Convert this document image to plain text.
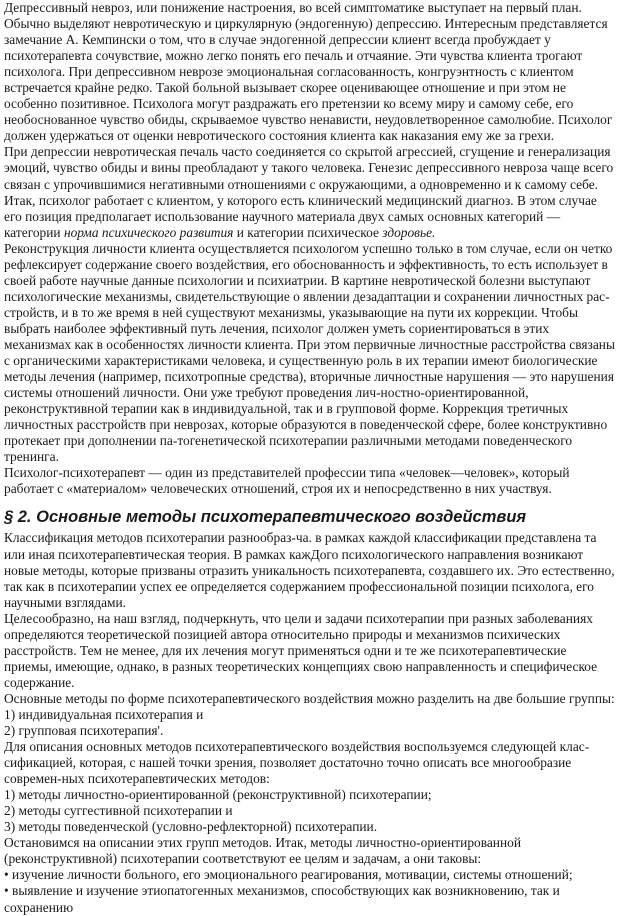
Депрессивный невроз, или понижение настроения, во всей симптоматике выступает на первый план. Обычно выделяют невротическую и циркулярную (эндогенную) депрессию. Интересным представляется замечание А. Кемпински о том, что в случае эндогенной депрессии клиент всегда пробуждает у психотерапевта сочувствие, можно легко понять его печаль и отчаяние. Эти чувства клиента трогают психолога. При депрессивном неврозе эмоциональная согласованность, конгруэнтность с клиентом встречается крайне редко. Такой больной вызывает скорее оценивающее отношение и при этом не особенно позитивное. Психолога могут раздражать его претензии ко всему миру и самому себе, его необоснованное чувство обиды, скрываемое чувство ненависти, неудовлетворенное самолюбие. Психолог должен удержаться от оценки невротического состояния клиента как наказания ему же за грехи.

При депрессии невротическая печаль часто соединяется со скрытой агрессией, сгущение и генерализация эмоций, чувство обиды и вины преобладают у такого человека. Генезис депрессивного невроза чаще всего связан с упрочившимися негативными отношениями с окружающими, а одновременно и к самому себе.

Итак, психолог работает с клиентом, у которого есть клинический медицинский диагноз. В этом случае его позиция предполагает использование научного материала двух самых основных категорий — категории норма психического развития и категории психическое здоровье.

Реконструкция личности клиента осуществляется психологом успешно только в том случае, если он четко рефлексирует содержание своего воздействия, его обоснованность и эффективность, то есть использует в своей работе научные данные психологии и психиатрии. В картине невротической болезни выступают психологические механизмы, свидетельствующие о явлении дезадаптации и сохранении личностных рас-стройств, и в то же время в ней существуют механизмы, указывающие на пути их коррекции. Чтобы выбрать наиболее эффективный путь лечения, психолог должен уметь сориентироваться в этих механизмах как в особенностях личности клиента. При этом первичные личностные расстройства связаны с органическими характеристиками человека, и существенную роль в их терапии имеют биологические методы лечения (например, психотропные средства), вторичные личностные нарушения — это нарушения системы отношений личности. Они уже требуют проведения лич-ностно-ориентированной, реконструктивной терапии как в индивидуальной, так и в групповой форме. Коррекция третичных личностных расстройств при неврозах, которые образуются в поведенческой сфере, более конструктивно протекает при дополнении па-тогенетической психотерапии различными методами поведенческого тренинга.

Психолог-психотерапевт — один из представителей профессии типа «человек—человек», который работает с «материалом» человеческих отношений, строя их и непосредственно в них участвуя.

§ 2. Основные методы психотерапевтического воздействия

Классификация методов психотерапии разнообраз-ча. в рамках каждой классификации представлена та или иная психотерапевтическая теория. В рамках кажДого психологического направления возникают новые методы, которые призваны отразить уникальность психотерапевта, создавшего их. Это естественно, так как в психотерапии успех ее определяется содержанием профессиональной позиции психолога, его научными взглядами.

Целесообразно, на наш взгляд, подчеркнуть, что цели и задачи психотерапии при разных заболеваниях определяются теоретической позицией автора относительно природы и механизмов психических расстройств. Тем не менее, для их лечения могут применяться одни и те же психотерапевтические приемы, имеющие, однако, в разных теоретических концепциях свою направленность и специфическое содержание.

Основные методы по форме психотерапевтического воздействия можно разделить на две большие группы:

1) индивидуальная психотерапия и

2) групповая психотерапия'.

Для описания основных методов психотерапевтического воздействия воспользуемся следующей клас-сификацией, которая, с нашей точки зрения, позволяет достаточно точно описать все многообразие современ-ных психотерапевтических методов:

1) методы личностно-ориентированной (реконструктивной) психотерапии;

2) методы суггестивной психотерапии и

3) методы поведенческой (условно-рефлекторной) психотерапии.

Остановимся на описании этих групп методов. Итак, методы личностно-ориентированной (реконструктивной) психотерапии соответствуют ее целям и задачам, а они таковы:

• изучение личности больного, его эмоционального реагирования, мотивации, системы отношений;

• выявление и изучение этиопатогенных механизмов, способствующих как возникновению, так и сохранению
